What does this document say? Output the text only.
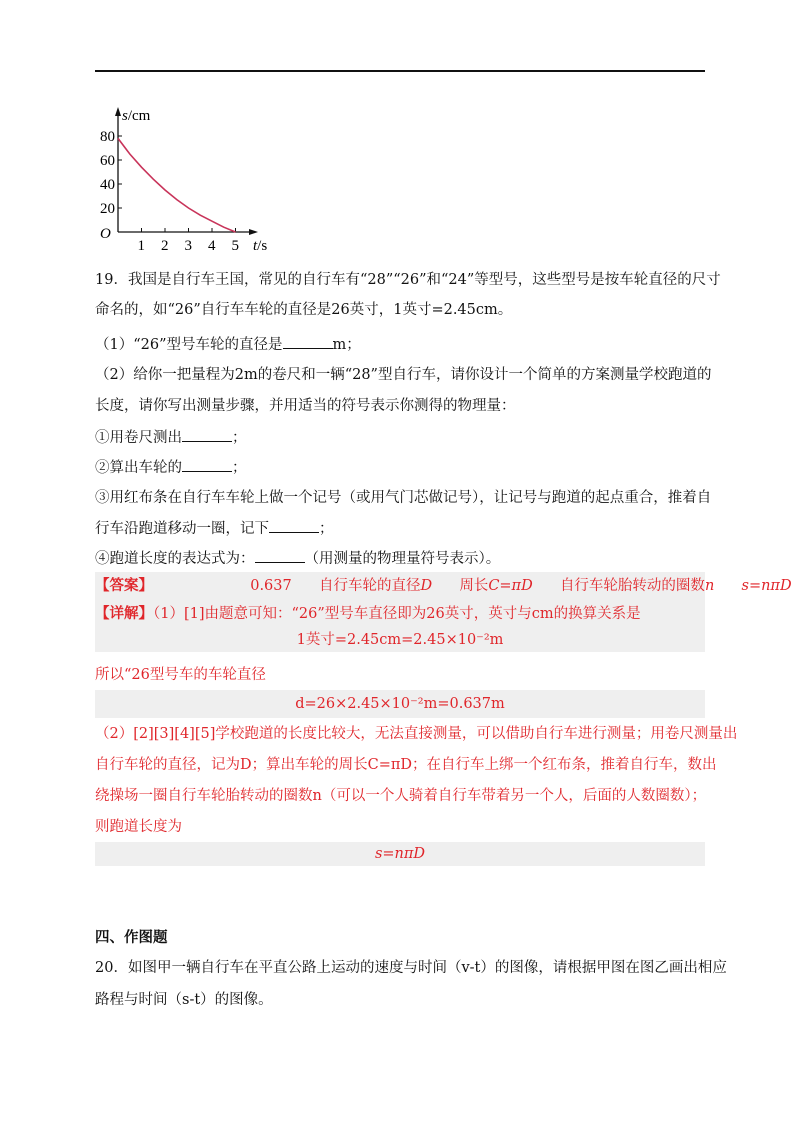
s/cm
t/s
O
1 2 3 4 5
20
40
60
80
19．我国是自行车王国，常见的自行车有“28”“26”和“24”等型号，这些型号是按车轮直径的尺寸
命名的，如“26”自行车车轮的直径是26英寸，1英寸=2.45cm。
（1）“26”型号车轮的直径是	m；
（2）给你一把量程为2m的卷尺和一辆“28”型自行车，请你设计一个简单的方案测量学校跑道的
长度，请你写出测量步骤，并用适当的符号表示你测得的物理量：
①用卷尺测出	；
②算出车轮的	；
③用红布条在自行车车轮上做一个记号（或用气门芯做记号），让记号与跑道的起点重合，推着自
行车沿跑道移动一圈，记下	；
④跑道长度的表达式为：	（用测量的物理量符号表示）。
【答案】	0.637 自行车轮的直径D 周长C=πD 自行车轮胎转动的圈数n s=nπD
【详解】（1）[1]由题意可知：“26”型号车直径即为26英寸，英寸与cm的换算关系是
1英寸=2.45cm=2.45×10⁻²m
所以“26型号车的车轮直径
d=26×2.45×10⁻²m=0.637m
（2）[2][3][4][5]学校跑道的长度比较大，无法直接测量，可以借助自行车进行测量；用卷尺测量出
自行车轮的直径，记为D；算出车轮的周长C=πD；在自行车上绑一个红布条，推着自行车，数出
绕操场一圈自行车轮胎转动的圈数n（可以一个人骑着自行车带着另一个人，后面的人数圈数）；
则跑道长度为
s=nπD
四、作图题
20．如图甲一辆自行车在平直公路上运动的速度与时间（v-t）的图像，请根据甲图在图乙画出相应
路程与时间（s-t）的图像。
